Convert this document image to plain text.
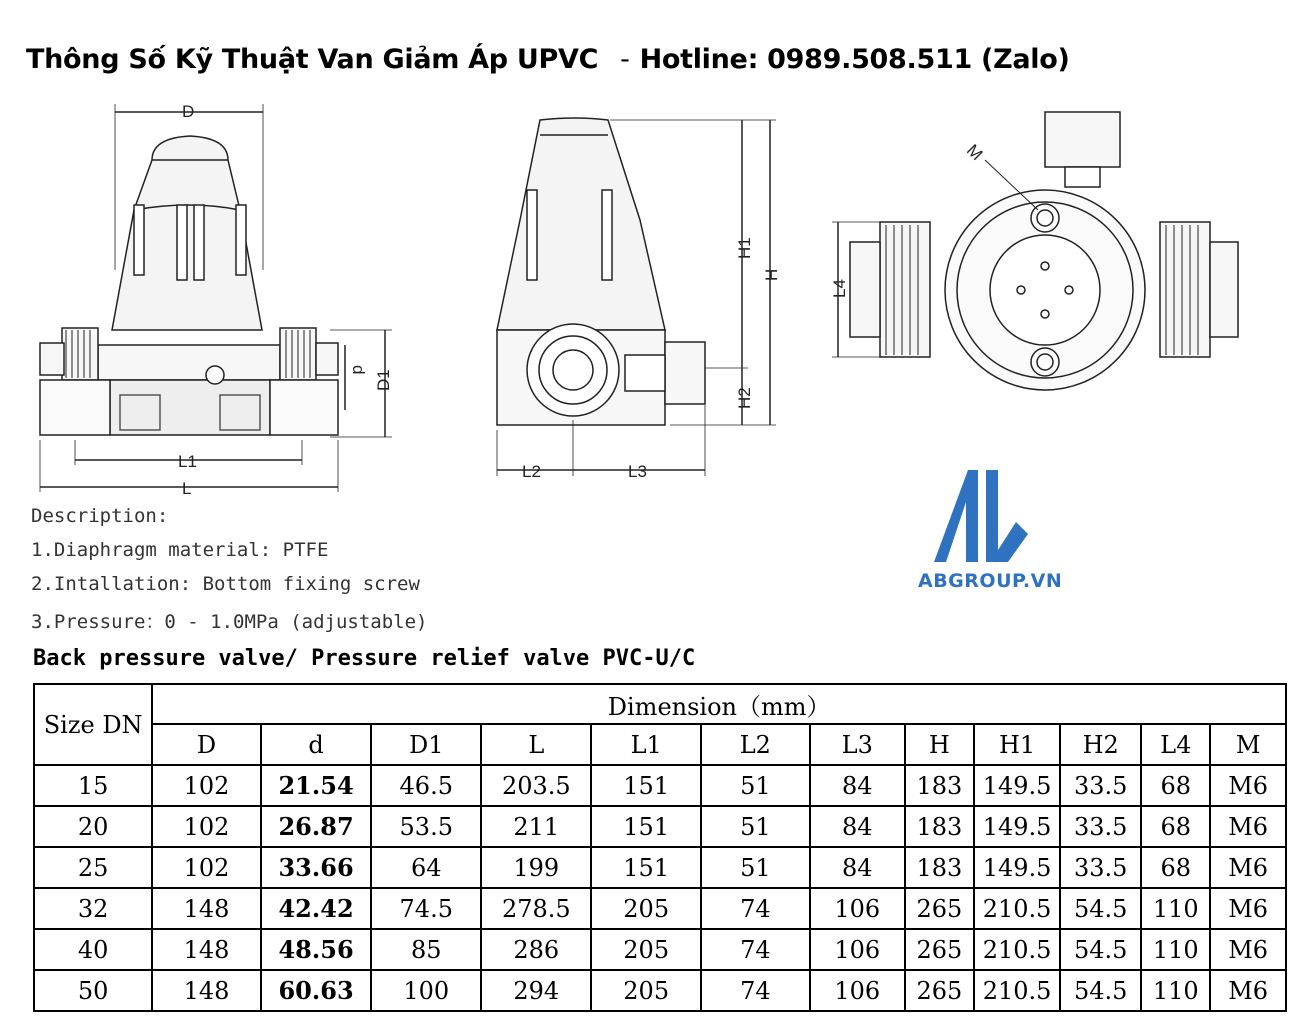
Thông Số Kỹ Thuật Van Giảm Áp UPVC - Hotline: 0989.508.511 (Zalo)
D
d D1
L1
L
H1
H
H2
L2	L3
L4
M
Description:
1.Diaphragm material: PTFE
2.Intallation: Bottom fixing screw
3.Pressure：0 - 1.0MPa (adjustable)
ABGROUP.VN
Back pressure valve/ Pressure relief valve PVC-U/C
Size DN	Dimension（mm）											
	D	d	D1	L	L1	L2	L3	H	H1	H2	L4	M
15	102	21.54	46.5	203.5	151	51	84	183	149.5	33.5	68	M6
20	102	26.87	53.5	211	151	51	84	183	149.5	33.5	68	M6
25	102	33.66	64	199	151	51	84	183	149.5	33.5	68	M6
32	148	42.42	74.5	278.5	205	74	106	265	210.5	54.5	110	M6
40	148	48.56	85	286	205	74	106	265	210.5	54.5	110	M6
50	148	60.63	100	294	205	74	106	265	210.5	54.5	110	M6
